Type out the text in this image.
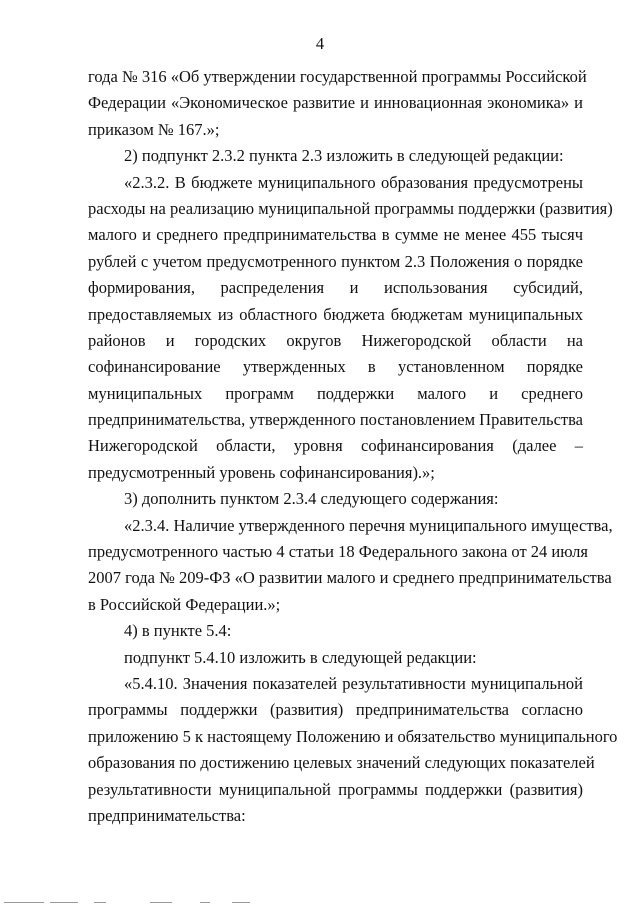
4
года № 316 «Об утверждении государственной программы Российской
Федерации «Экономическое развитие и инновационная экономика» и
приказом № 167.»;
2) подпункт 2.3.2 пункта 2.3 изложить в следующей редакции:
«2.3.2. В бюджете муниципального образования предусмотрены
расходы на реализацию муниципальной программы поддержки (развития)
малого и среднего предпринимательства в сумме не менее 455 тысяч
рублей с учетом предусмотренного пунктом 2.3 Положения о порядке
формирования, распределения и использования субсидий,
предоставляемых из областного бюджета бюджетам муниципальных
районов и городских округов Нижегородской области на
софинансирование утвержденных в установленном порядке
муниципальных программ поддержки малого и среднего
предпринимательства, утвержденного постановлением Правительства
Нижегородской области, уровня софинансирования (далее –
предусмотренный уровень софинансирования).»;
3) дополнить пунктом 2.3.4 следующего содержания:
«2.3.4. Наличие утвержденного перечня муниципального имущества,
предусмотренного частью 4 статьи 18 Федерального закона от 24 июля
2007 года № 209-ФЗ «О развитии малого и среднего предпринимательства
в Российской Федерации.»;
4) в пункте 5.4:
подпункт 5.4.10 изложить в следующей редакции:
«5.4.10. Значения показателей результативности муниципальной
программы поддержки (развития) предпринимательства согласно
приложению 5 к настоящему Положению и обязательство муниципального
образования по достижению целевых значений следующих показателей
результативности муниципальной программы поддержки (развития)
предпринимательства:
